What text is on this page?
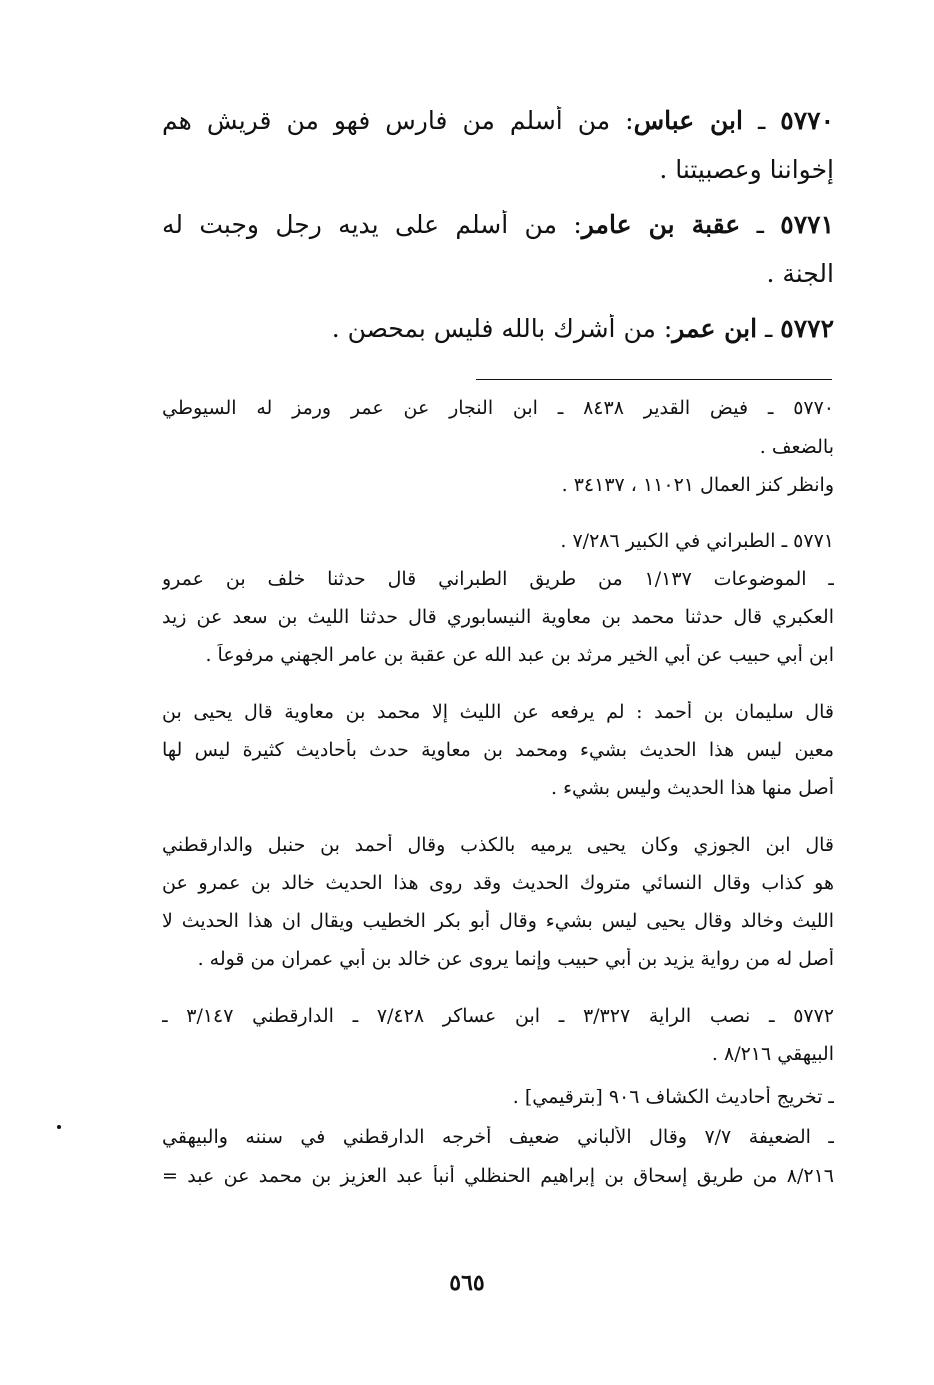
٥٧٧٠ ـ ابن عباس: من أسلم من فارس فهو من قريش هم
إخواننا وعصبيتنا .
٥٧٧١ ـ عقبة بن عامر: من أسلم على يديه رجل وجبت له
الجنة .
٥٧٧٢ ـ ابن عمر: من أشرك بالله فليس بمحصن .
٥٧٧٠ ـ فيض القدير ٨٤٣٨ ـ ابن النجار عن عمر ورمز له السيوطي
بالضعف .
وانظر كنز العمال ١١٠٢١ ، ٣٤١٣٧ .
٥٧٧١ ـ الطبراني في الكبير ٧/٢٨٦ .
ـ الموضوعات ١/١٣٧ من طريق الطبراني قال حدثنا خلف بن عمرو
العكبري قال حدثنا محمد بن معاوية النيسابوري قال حدثنا الليث بن سعد عن زيد
ابن أبي حبيب عن أبي الخير مرثد بن عبد الله عن عقبة بن عامر الجهني مرفوعاً .
قال سليمان بن أحمد : لم يرفعه عن الليث إلا محمد بن معاوية قال يحيى بن
معين ليس هذا الحديث بشيء ومحمد بن معاوية حدث بأحاديث كثيرة ليس لها
أصل منها هذا الحديث وليس بشيء .
قال ابن الجوزي وكان يحيى يرميه بالكذب وقال أحمد بن حنبل والدارقطني
هو كذاب وقال النسائي متروك الحديث وقد روى هذا الحديث خالد بن عمرو عن
الليث وخالد وقال يحيى ليس بشيء وقال أبو بكر الخطيب ويقال ان هذا الحديث لا
أصل له من رواية يزيد بن أبي حبيب وإنما يروى عن خالد بن أبي عمران من قوله .
٥٧٧٢ ـ نصب الراية ٣/٣٢٧ ـ ابن عساكر ٧/٤٢٨ ـ الدارقطني ٣/١٤٧ ـ
البيهقي ٨/٢١٦ .
ـ تخريج أحاديث الكشاف ٩٠٦ [بترقيمي] .
ـ الضعيفة ٧/٧ وقال الألباني ضعيف أخرجه الدارقطني في سننه والبيهقي
٨/٢١٦ من طريق إسحاق بن إبراهيم الحنظلي أنبأ عبد العزيز بن محمد عن عبد =
٥٦٥
